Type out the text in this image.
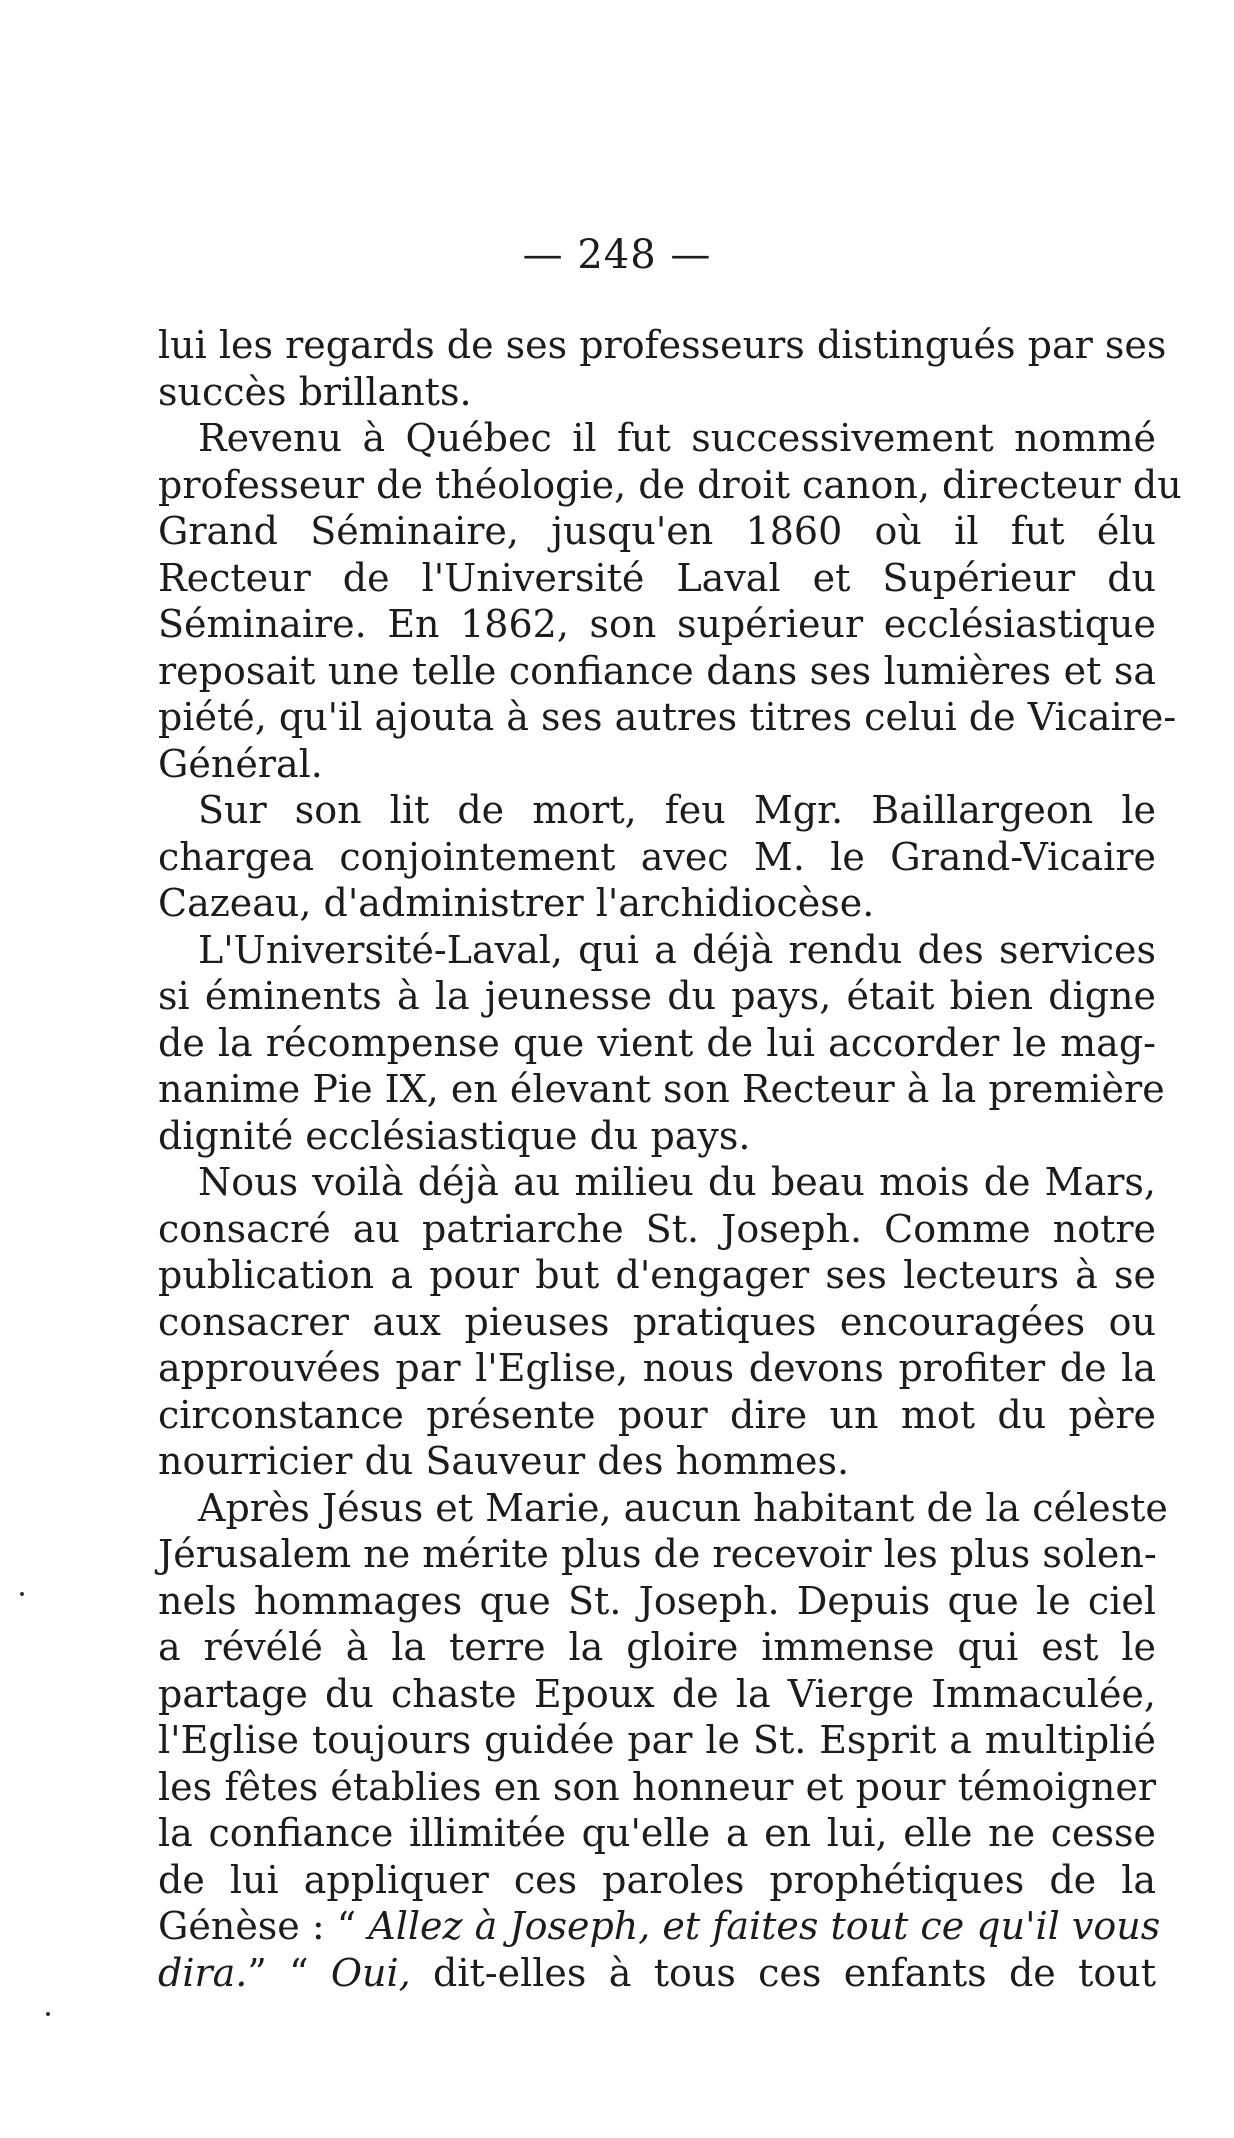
— 248 —
lui les regards de ses professeurs distingués par ses
succès brillants.
Revenu à Québec il fut successivement nommé
professeur de théologie, de droit canon, directeur du
Grand Séminaire, jusqu'en 1860 où il fut élu
Recteur de l'Université Laval et Supérieur du
Séminaire. En 1862, son supérieur ecclésiastique
reposait une telle confiance dans ses lumières et sa
piété, qu'il ajouta à ses autres titres celui de Vicaire-
Général.
Sur son lit de mort, feu Mgr. Baillargeon le
chargea conjointement avec M. le Grand-Vicaire
Cazeau, d'administrer l'archidiocèse.
L'Université-Laval, qui a déjà rendu des services
si éminents à la jeunesse du pays, était bien digne
de la récompense que vient de lui accorder le mag-
nanime Pie IX, en élevant son Recteur à la première
dignité ecclésiastique du pays.
Nous voilà déjà au milieu du beau mois de Mars,
consacré au patriarche St. Joseph. Comme notre
publication a pour but d'engager ses lecteurs à se
consacrer aux pieuses pratiques encouragées ou
approuvées par l'Eglise, nous devons profiter de la
circonstance présente pour dire un mot du père
nourricier du Sauveur des hommes.
Après Jésus et Marie, aucun habitant de la céleste
Jérusalem ne mérite plus de recevoir les plus solen-
nels hommages que St. Joseph. Depuis que le ciel
a révélé à la terre la gloire immense qui est le
partage du chaste Epoux de la Vierge Immaculée,
l'Eglise toujours guidée par le St. Esprit a multiplié
les fêtes établies en son honneur et pour témoigner
la confiance illimitée qu'elle a en lui, elle ne cesse
de lui appliquer ces paroles prophétiques de la
Génèse : “ Allez à Joseph, et faites tout ce qu'il vous
dira.” “ Oui, dit-elles à tous ces enfants de tout
